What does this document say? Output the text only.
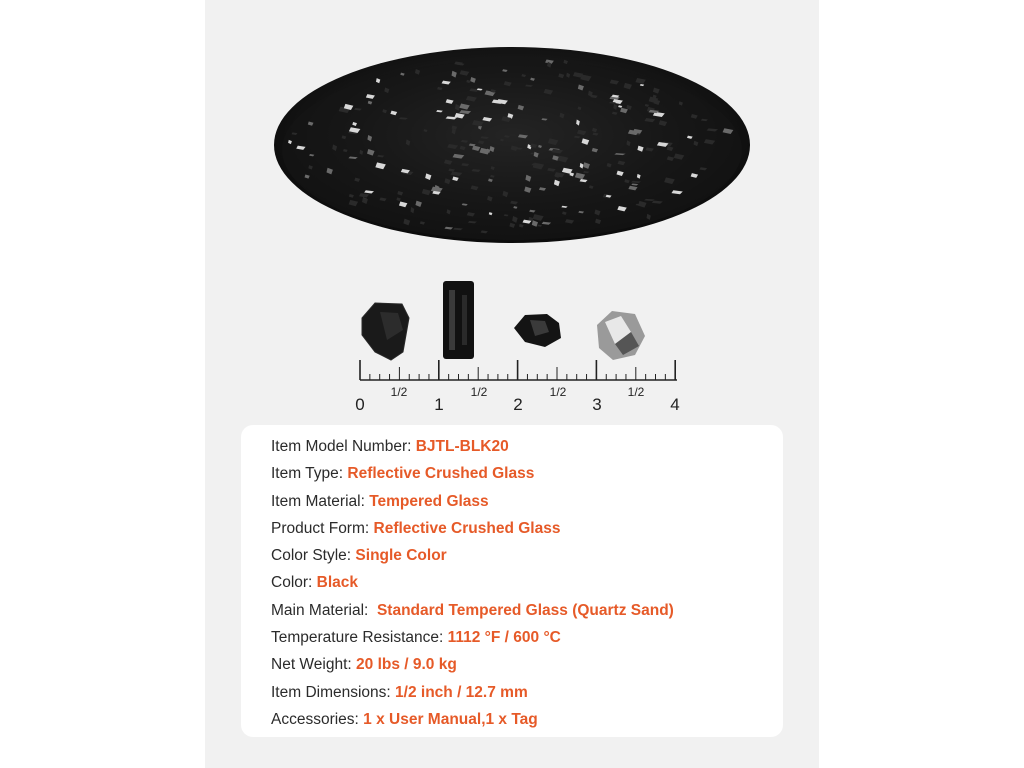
0	1	2	3	4
1/2	1/2	1/2	1/2
Item Model Number: BJTL-BLK20
Item Type: Reflective Crushed Glass
Item Material: Tempered Glass
Product Form: Reflective Crushed Glass
Color Style: Single Color
Color: Black
Main Material:  Standard Tempered Glass (Quartz Sand)
Temperature Resistance: 1112 °F / 600 °C
Net Weight: 20 lbs / 9.0 kg
Item Dimensions: 1/2 inch / 12.7 mm
Accessories: 1 x User Manual,1 x Tag
